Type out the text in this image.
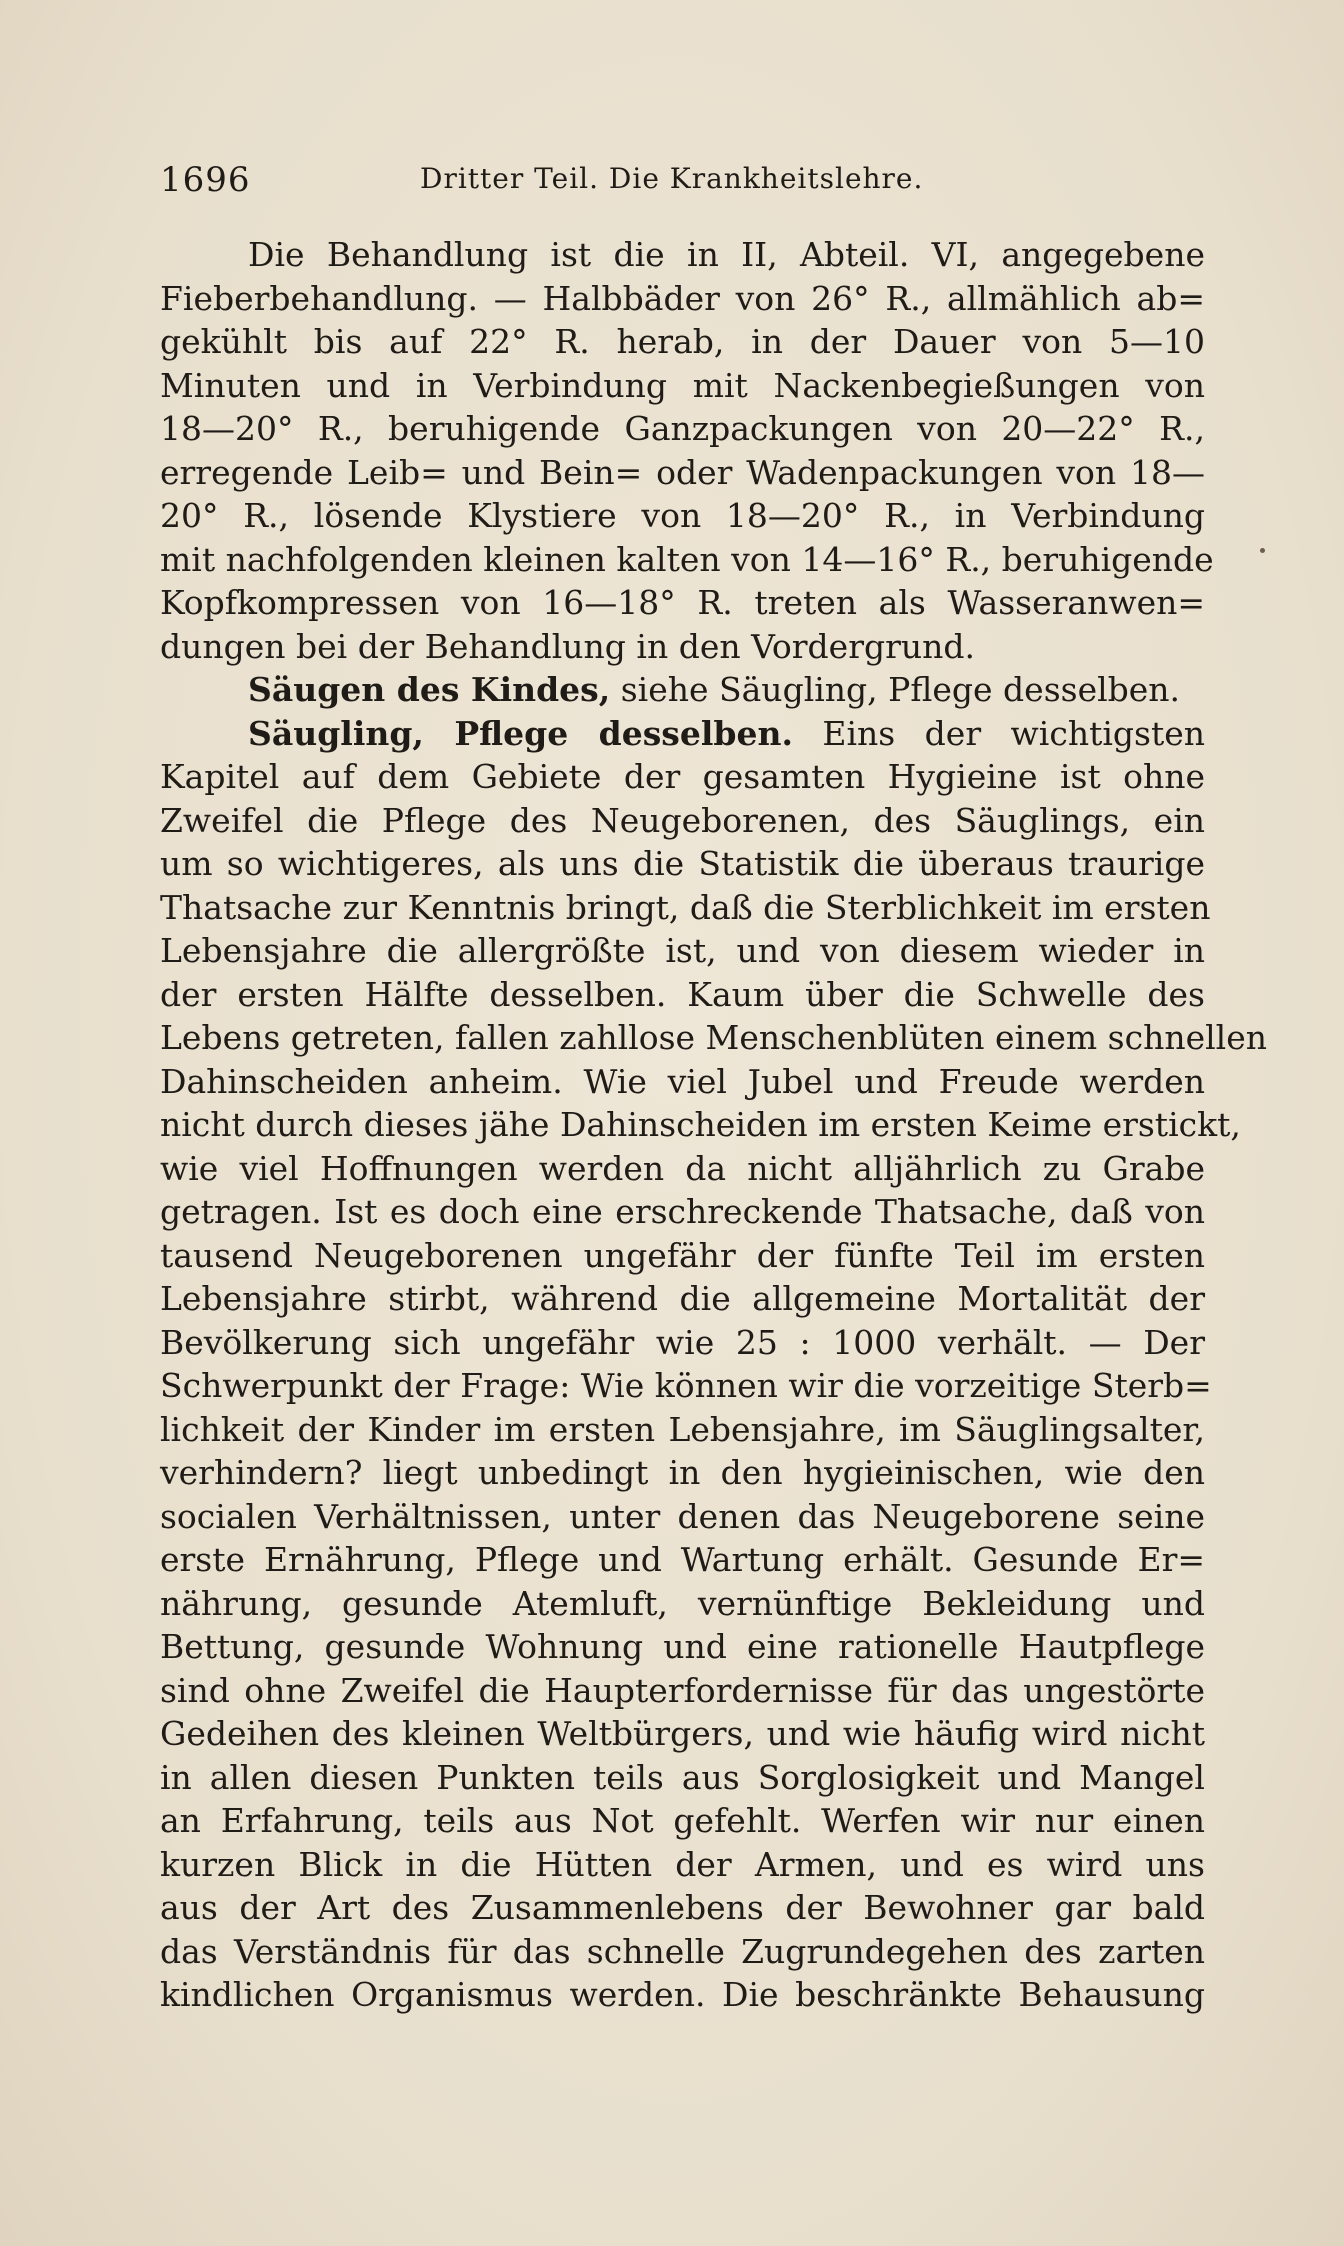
1696	Dritter Teil. Die Krankheitslehre.
Die Behandlung ist die in II, Abteil. VI, angegebene
Fieberbehandlung. — Halbbäder von 26° R., allmählich ab=
gekühlt bis auf 22° R. herab, in der Dauer von 5—10
Minuten und in Verbindung mit Nackenbegießungen von
18—20° R., beruhigende Ganzpackungen von 20—22° R.,
erregende Leib= und Bein= oder Wadenpackungen von 18—
20° R., lösende Klystiere von 18—20° R., in Verbindung
mit nachfolgenden kleinen kalten von 14—16° R., beruhigende
Kopfkompressen von 16—18° R. treten als Wasseranwen=
dungen bei der Behandlung in den Vordergrund.
Säugen des Kindes, siehe Säugling, Pflege desselben.
Säugling, Pflege desselben. Eins der wichtigsten
Kapitel auf dem Gebiete der gesamten Hygieine ist ohne
Zweifel die Pflege des Neugeborenen, des Säuglings, ein
um so wichtigeres, als uns die Statistik die überaus traurige
Thatsache zur Kenntnis bringt, daß die Sterblichkeit im ersten
Lebensjahre die allergrößte ist, und von diesem wieder in
der ersten Hälfte desselben. Kaum über die Schwelle des
Lebens getreten, fallen zahllose Menschenblüten einem schnellen
Dahinscheiden anheim. Wie viel Jubel und Freude werden
nicht durch dieses jähe Dahinscheiden im ersten Keime erstickt,
wie viel Hoffnungen werden da nicht alljährlich zu Grabe
getragen. Ist es doch eine erschreckende Thatsache, daß von
tausend Neugeborenen ungefähr der fünfte Teil im ersten
Lebensjahre stirbt, während die allgemeine Mortalität der
Bevölkerung sich ungefähr wie 25 : 1000 verhält. — Der
Schwerpunkt der Frage: Wie können wir die vorzeitige Sterb=
lichkeit der Kinder im ersten Lebensjahre, im Säuglingsalter,
verhindern? liegt unbedingt in den hygieinischen, wie den
socialen Verhältnissen, unter denen das Neugeborene seine
erste Ernährung, Pflege und Wartung erhält. Gesunde Er=
nährung, gesunde Atemluft, vernünftige Bekleidung und
Bettung, gesunde Wohnung und eine rationelle Hautpflege
sind ohne Zweifel die Haupterfordernisse für das ungestörte
Gedeihen des kleinen Weltbürgers, und wie häufig wird nicht
in allen diesen Punkten teils aus Sorglosigkeit und Mangel
an Erfahrung, teils aus Not gefehlt. Werfen wir nur einen
kurzen Blick in die Hütten der Armen, und es wird uns
aus der Art des Zusammenlebens der Bewohner gar bald
das Verständnis für das schnelle Zugrundegehen des zarten
kindlichen Organismus werden. Die beschränkte Behausung
